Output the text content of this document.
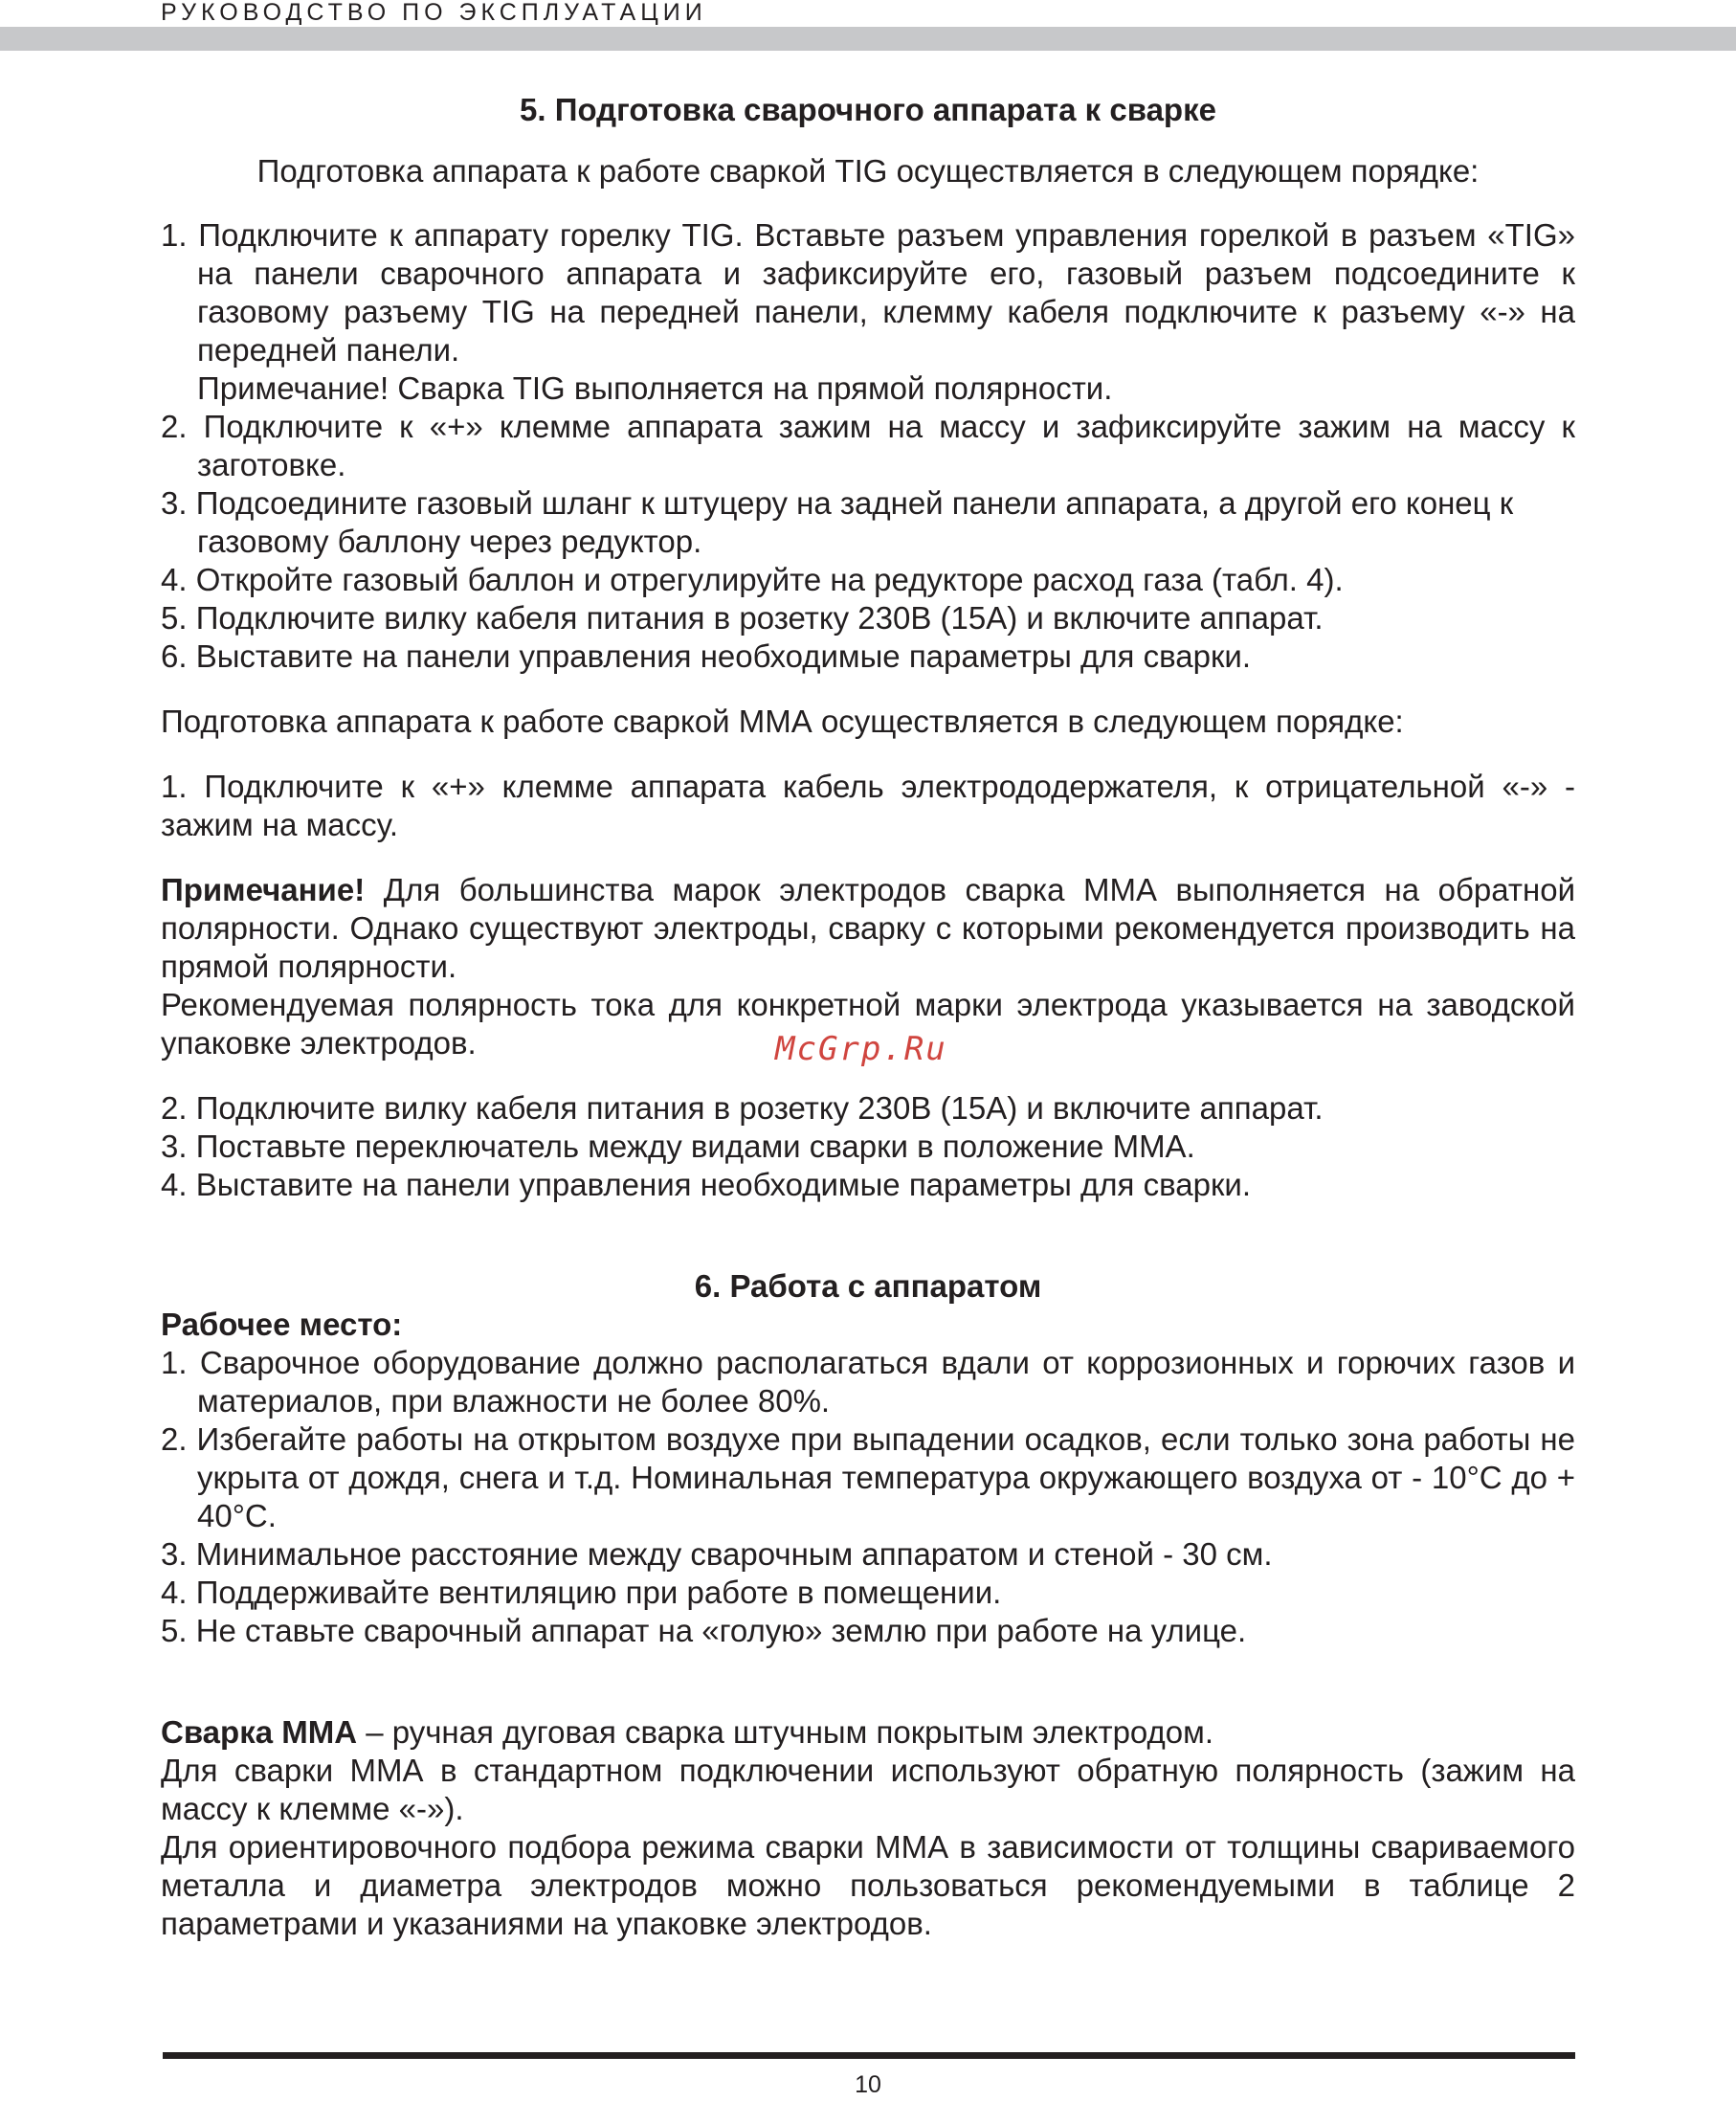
РУКОВОДСТВО ПО ЭКСПЛУАТАЦИИ
5. Подготовка сварочного аппарата к сварке

Подготовка аппарата к работе сваркой TIG осуществляется в следующем порядке:

1. Подключите к аппарату горелку TIG. Вставьте разъем управления горелкой в разъем «TIG» на панели сварочного аппарата и зафиксируйте его, газовый разъем подсоедините к газовому разъему TIG на передней панели, клемму кабеля подключите к разъему «-» на передней панели.

Примечание! Сварка TIG выполняется на прямой полярности.

2. Подключите к «+» клемме аппарата зажим на массу и зафиксируйте зажим на массу к заготовке.

3. Подсоедините газовый шланг к штуцеру на задней панели аппарата, а другой его конец к газовому баллону через редуктор.

4. Откройте газовый баллон и отрегулируйте на редукторе расход газа (табл. 4).

5. Подключите вилку кабеля питания в розетку 230В (15А) и включите аппарат.

6. Выставите на панели управления необходимые параметры для сварки.

Подготовка аппарата к работе сваркой ММА осуществляется в следующем порядке:

1. Подключите к «+» клемме аппарата кабель электрододержателя, к отрицательной «-» - зажим на массу.

Примечание! Для большинства марок электродов сварка ММА выполняется на обратной полярности. Однако существуют электроды, сварку с которыми рекомендуется производить на прямой полярности.

Рекомендуемая полярность тока для конкретной марки электрода указывается на заводской упаковке электродов.

2. Подключите вилку кабеля питания в розетку 230В (15А) и включите аппарат.

3. Поставьте переключатель между видами сварки в положение ММА.

4. Выставите на панели управления необходимые параметры для сварки.

6. Работа с аппаратом

Рабочее место:

1. Сварочное оборудование должно располагаться вдали от коррозионных и горючих газов и материалов, при влажности не более 80%.

2. Избегайте работы на открытом воздухе при выпадении осадков, если только зона работы не укрыта от дождя, снега и т.д. Номинальная температура окружающего воздуха от - 10°С до + 40°С.

3. Минимальное расстояние между сварочным аппаратом и стеной - 30 см.

4. Поддерживайте вентиляцию при работе в помещении.

5. Не ставьте сварочный аппарат на «голую» землю при работе на улице.

Сварка ММА – ручная дуговая сварка штучным покрытым электродом.

Для сварки ММА в стандартном подключении используют обратную полярность (зажим на массу к клемме «-»).

Для ориентировочного подбора режима сварки ММА в зависимости от толщины свариваемого металла и диаметра электродов можно пользоваться рекомендуемыми в таблице 2 параметрами и указаниями на упаковке электродов.

McGrp.Ru
10
